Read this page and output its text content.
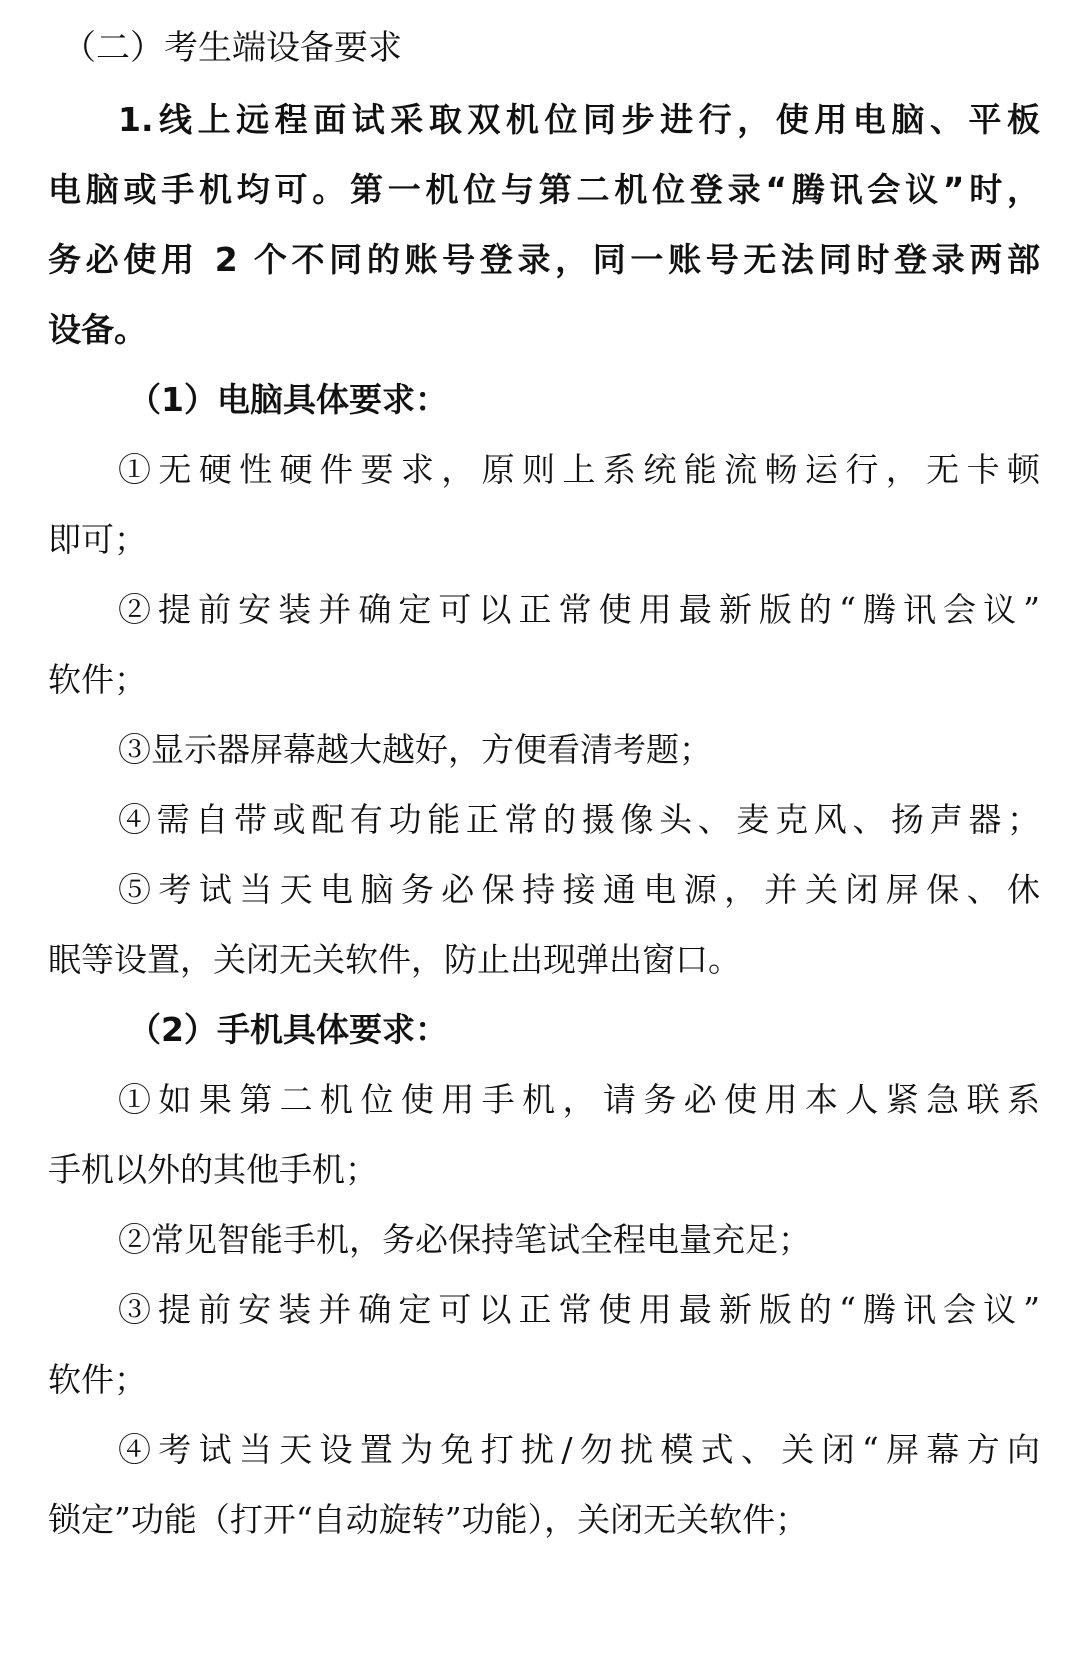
（二）考生端设备要求
1.线上远程面试采取双机位同步进行，使用电脑、平板
电脑或手机均可。第一机位与第二机位登录“腾讯会议”时，
务必使用 2 个不同的账号登录，同一账号无法同时登录两部
设备。
（1）电脑具体要求：
①无硬性硬件要求，原则上系统能流畅运行，无卡顿
即可；
②提前安装并确定可以正常使用最新版的“腾讯会议”
软件；
③显示器屏幕越大越好，方便看清考题；
④需自带或配有功能正常的摄像头、麦克风、扬声器；
⑤考试当天电脑务必保持接通电源，并关闭屏保、休
眠等设置，关闭无关软件，防止出现弹出窗口。
（2）手机具体要求：
①如果第二机位使用手机，请务必使用本人紧急联系
手机以外的其他手机；
②常见智能手机，务必保持笔试全程电量充足；
③提前安装并确定可以正常使用最新版的“腾讯会议”
软件；
④考试当天设置为免打扰/勿扰模式、关闭“屏幕方向
锁定”功能（打开“自动旋转”功能），关闭无关软件；
